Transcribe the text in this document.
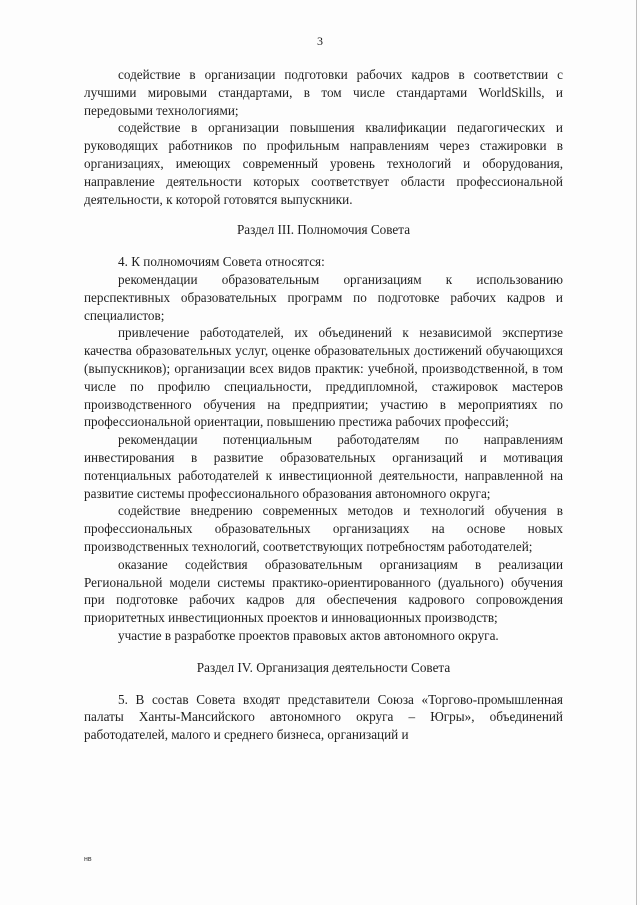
3

содействие в организации подготовки рабочих кадров в соответствии с лучшими мировыми стандартами, в том числе стандартами WorldSkills, и передовыми технологиями;

содействие в организации повышения квалификации педагогических и руководящих работников по профильным направлениям через стажировки в организациях, имеющих современный уровень технологий и оборудования, направление деятельности которых соответствует области профессиональной деятельности, к которой готовятся выпускники.

Раздел III. Полномочия Совета

4. К полномочиям Совета относятся:

рекомендации образовательным организациям к использованию перспективных образовательных программ по подготовке рабочих кадров и специалистов;

привлечение работодателей, их объединений к независимой экспертизе качества образовательных услуг, оценке образовательных достижений обучающихся (выпускников); организации всех видов практик: учебной, производственной, в том числе по профилю специальности, преддипломной, стажировок мастеров производственного обучения на предприятии; участию в мероприятиях по профессиональной ориентации, повышению престижа рабочих профессий;

рекомендации потенциальным работодателям по направлениям инвестирования в развитие образовательных организаций и мотивация потенциальных работодателей к инвестиционной деятельности, направленной на развитие системы профессионального образования автономного округа;

содействие внедрению современных методов и технологий обучения в профессиональных образовательных организациях на основе новых производственных технологий, соответствующих потребностям работодателей;

оказание содействия образовательным организациям в реализации Региональной модели системы практико-ориентированного (дуального) обучения при подготовке рабочих кадров для обеспечения кадрового сопровождения приоритетных инвестиционных проектов и инновационных производств;

участие в разработке проектов правовых актов автономного округа.

Раздел IV. Организация деятельности Совета

5. В состав Совета входят представители Союза «Торгово-промышленная палаты Ханты-Мансийского автономного округа – Югры», объединений работодателей, малого и среднего бизнеса, организаций и

нв
